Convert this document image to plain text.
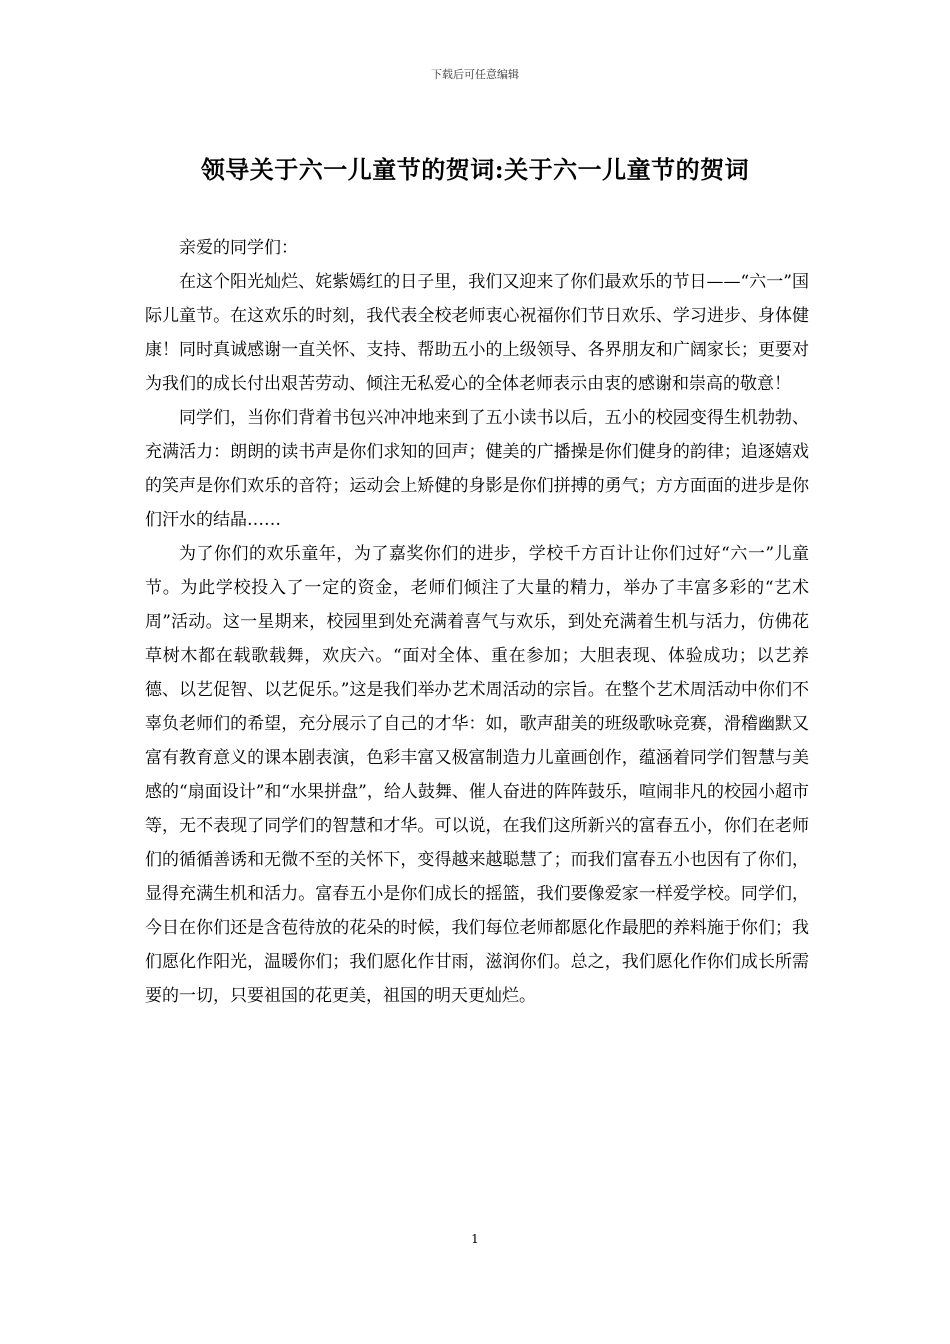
下载后可任意编辑
领导关于六一儿童节的贺词:关于六一儿童节的贺词

亲爱的同学们：

在这个阳光灿烂、姹紫嫣红的日子里，我们又迎来了你们最欢乐的节日——“六一”国际儿童节。在这欢乐的时刻，我代表全校老师衷心祝福你们节日欢乐、学习进步、身体健康！同时真诚感谢一直关怀、支持、帮助五小的上级领导、各界朋友和广阔家长；更要对为我们的成长付出艰苦劳动、倾注无私爱心的全体老师表示由衷的感谢和崇高的敬意！

同学们，当你们背着书包兴冲冲地来到了五小读书以后，五小的校园变得生机勃勃、充满活力：朗朗的读书声是你们求知的回声；健美的广播操是你们健身的韵律；追逐嬉戏的笑声是你们欢乐的音符；运动会上矫健的身影是你们拼搏的勇气；方方面面的进步是你们汗水的结晶……

为了你们的欢乐童年，为了嘉奖你们的进步，学校千方百计让你们过好“六一”儿童节。为此学校投入了一定的资金，老师们倾注了大量的精力，举办了丰富多彩的“艺术周”活动。这一星期来，校园里到处充满着喜气与欢乐，到处充满着生机与活力，仿佛花草树木都在载歌载舞，欢庆六。“面对全体、重在参加；大胆表现、体验成功；以艺养德、以艺促智、以艺促乐。”这是我们举办艺术周活动的宗旨。在整个艺术周活动中你们不辜负老师们的希望，充分展示了自己的才华：如，歌声甜美的班级歌咏竞赛，滑稽幽默又富有教育意义的课本剧表演，色彩丰富又极富制造力儿童画创作，蕴涵着同学们智慧与美感的“扇面设计”和“水果拼盘”，给人鼓舞、催人奋进的阵阵鼓乐，喧闹非凡的校园小超市等，无不表现了同学们的智慧和才华。可以说，在我们这所新兴的富春五小，你们在老师们的循循善诱和无微不至的关怀下，变得越来越聪慧了；而我们富春五小也因有了你们，显得充满生机和活力。富春五小是你们成长的摇篮，我们要像爱家一样爱学校。同学们，今日在你们还是含苞待放的花朵的时候，我们每位老师都愿化作最肥的养料施于你们；我们愿化作阳光，温暖你们；我们愿化作甘雨，滋润你们。总之，我们愿化作你们成长所需要的一切，只要祖国的花更美，祖国的明天更灿烂。

1
